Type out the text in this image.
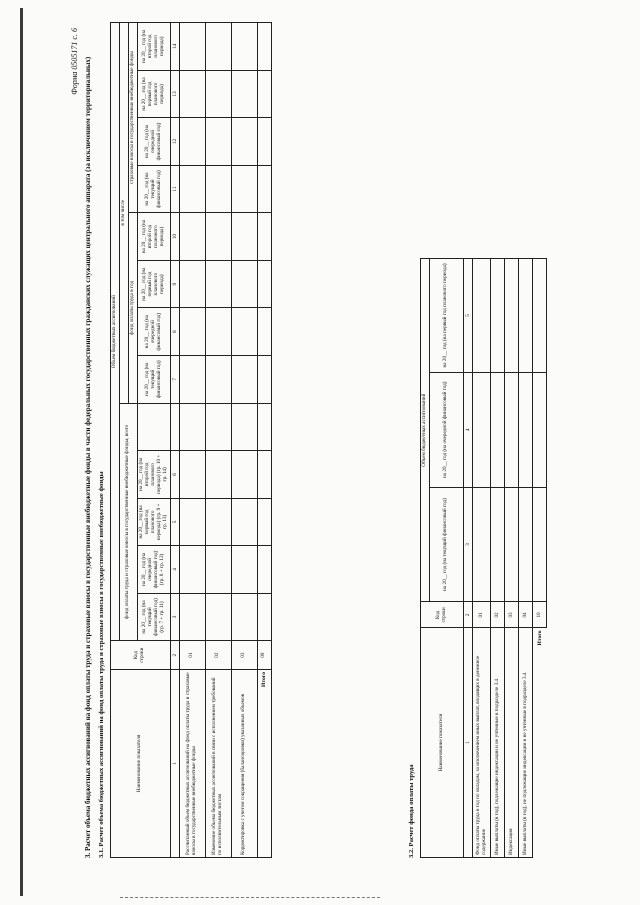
Форма 0505171 с. 6 3. Расчет объема бюджетных ассигнований на фонд оплаты труда и страховые взносы в государственные внебюджетные фонды в части федеральных государственных гражданских служащих центрального аппарата (за исключением территориальных) 3.1. Расчет объема бюджетных ассигнований на фонд оплаты труда и страховые взносы в государственные внебюджетные фонды	Наименование показателя	Код строки	Объем бюджетных ассигнований												
		фонд оплаты труда и страховые взносы в государственные внебюджетные фонды, всего					в том числе							
							фонд оплаты труда в год				страховые взносы в государственные внебюджетные фонды			
		на 20__ год (на текущий финансовый год) (гр. 7 + гр. 11)	на 20__ год (на очередной финансовый год) (гр. 8 + гр. 12)	на 20__ год (на первый год планового периода) (гр. 9 + гр. 13)	на 20__ год (на второй год планового периода) (гр. 10 + гр. 14)		на 20__ год (на текущий финансовый год)	на 20__ год (на очередной финансовый год)	на 20__ год (на первый год планового периода)	на 20__ год (на второй год планового периода)	на 20__ год (на текущий финансовый год)	на 20__ год (на очередной финансовый год)	на 20__ год (на первый год планового периода)	на 20__ год (на второй год планового периода)
1	2	3	4	5	6		7	8	9	10	11	12	13	14
Рассчитанный объем бюджетных ассигнований на фонд оплаты труда и страховые взносы в государственные внебюджетные фонды	01													
Изменение объема бюджетных ассигнований в связи с исполнением требований по исполнительным листам	02													
Корректировка с учетом сокращения (балансировки) указанных объемов	03													
Итого	09													
3.2. Расчет фонда оплаты труда
Наименование показателя	Код строки	Объем бюджетных ассигнований		
		на 20__ год (на текущий финансовый год)	на 20__ год (на очередной финансовый год)	на 20__ год (на первый год планового периода)
1	2	3	4	5
Фонд оплаты труда в год по окладам, за исключением иных выплат, входящих в денежное содержание	01			
Иные выплаты (в год), подлежащие индексации и не учтенные в подразделе 3.4	02			
Индексация	03			
Иные выплаты (в год), не подлежащие индексации и не учтенные в подразделе 3.4	04			
Итого	10			
